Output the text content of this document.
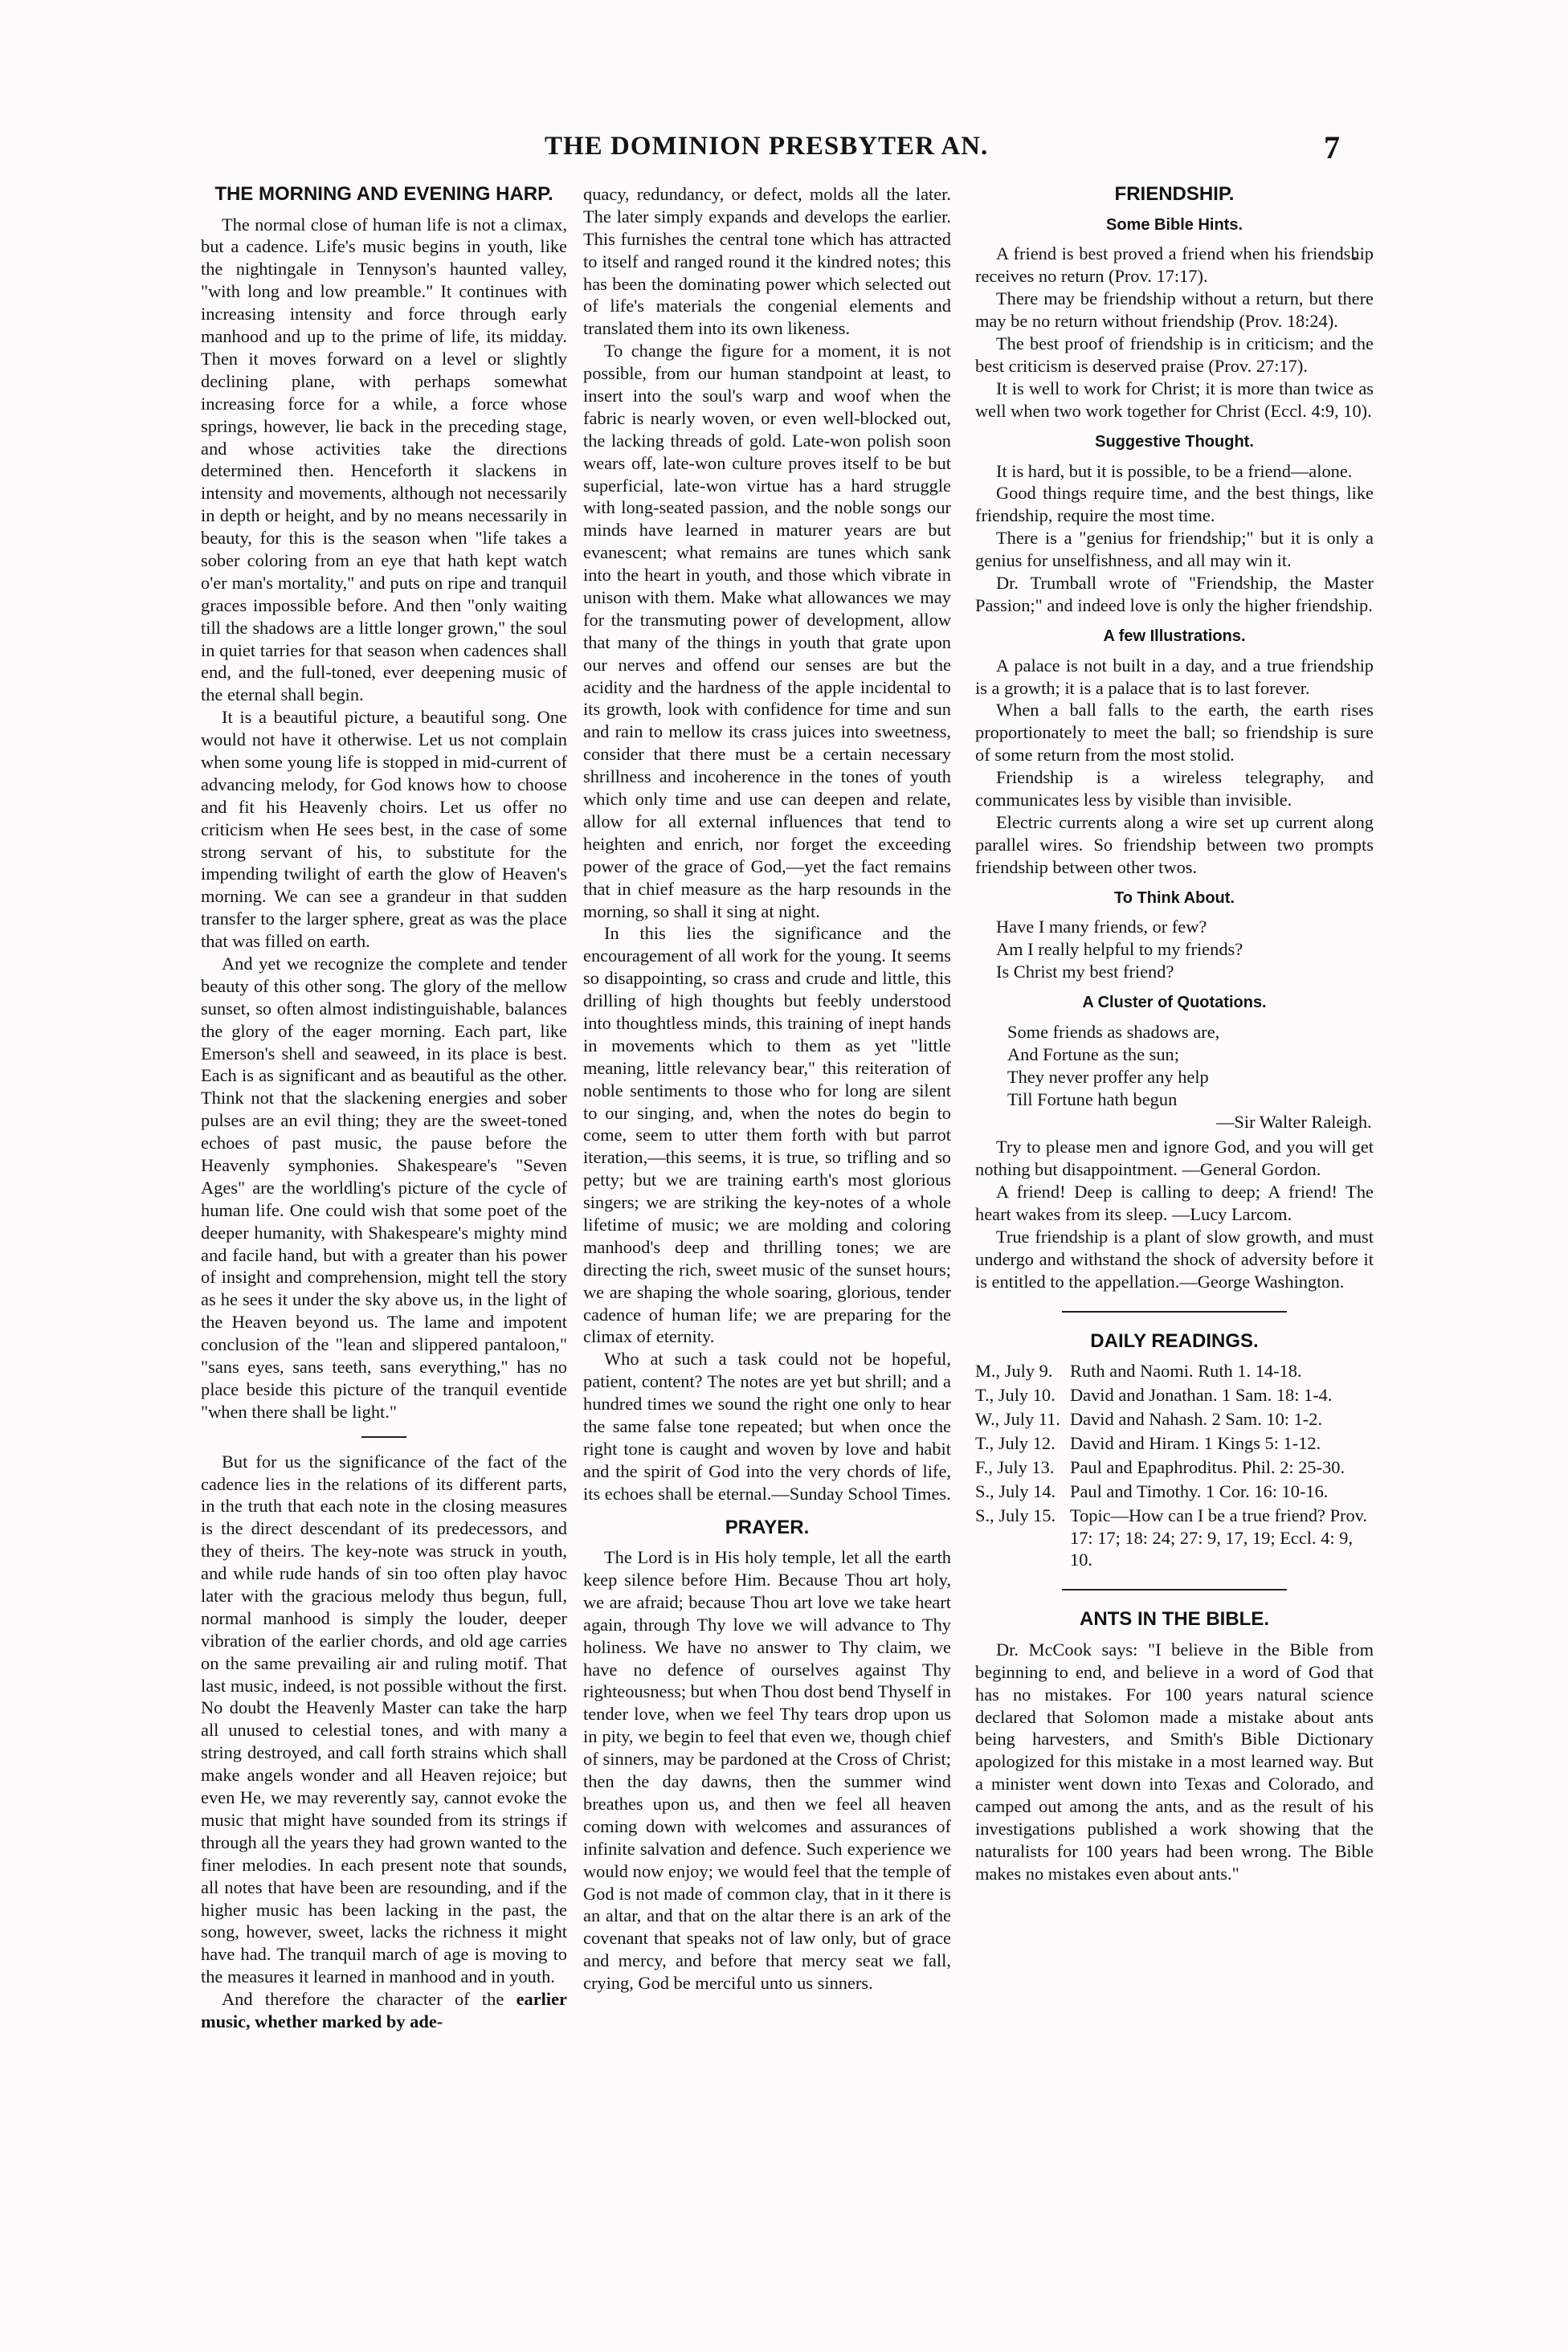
THE DOMINION PRESBYTER AN.	7
THE MORNING AND EVENING HARP.

The normal close of human life is not a climax, but a cadence. Life's music begins in youth, like the nightingale in Tennyson's haunted valley, "with long and low preamble." It continues with increasing intensity and force through early manhood and up to the prime of life, its midday. Then it moves forward on a level or slightly declining plane, with perhaps somewhat increasing force for a while, a force whose springs, however, lie back in the preceding stage, and whose activities take the directions determined then. Henceforth it slackens in intensity and movements, although not necessarily in depth or height, and by no means necessarily in beauty, for this is the season when "life takes a sober coloring from an eye that hath kept watch o'er man's mortality," and puts on ripe and tranquil graces impossible before. And then "only waiting till the shadows are a little longer grown," the soul in quiet tarries for that season when cadences shall end, and the full-toned, ever deepening music of the eternal shall begin.

It is a beautiful picture, a beautiful song. One would not have it otherwise. Let us not complain when some young life is stopped in mid-current of advancing melody, for God knows how to choose and fit his Heavenly choirs. Let us offer no criticism when He sees best, in the case of some strong servant of his, to substitute for the impending twilight of earth the glow of Heaven's morning. We can see a grandeur in that sudden transfer to the larger sphere, great as was the place that was filled on earth.

And yet we recognize the complete and tender beauty of this other song. The glory of the mellow sunset, so often almost indistinguishable, balances the glory of the eager morning. Each part, like Emerson's shell and seaweed, in its place is best. Each is as significant and as beautiful as the other. Think not that the slackening energies and sober pulses are an evil thing; they are the sweet-toned echoes of past music, the pause before the Heavenly symphonies. Shakespeare's "Seven Ages" are the worldling's picture of the cycle of human life. One could wish that some poet of the deeper humanity, with Shakespeare's mighty mind and facile hand, but with a greater than his power of insight and comprehension, might tell the story as he sees it under the sky above us, in the light of the Heaven beyond us. The lame and impotent conclusion of the "lean and slippered pantaloon," "sans eyes, sans teeth, sans everything," has no place beside this picture of the tranquil eventide "when there shall be light."

But for us the significance of the fact of the cadence lies in the relations of its different parts, in the truth that each note in the closing measures is the direct descendant of its predecessors, and they of theirs. The key-note was struck in youth, and while rude hands of sin too often play havoc later with the gracious melody thus begun, full, normal manhood is simply the louder, deeper vibration of the earlier chords, and old age carries on the same prevailing air and ruling motif. That last music, indeed, is not possible without the first. No doubt the Heavenly Master can take the harp all unused to celestial tones, and with many a string destroyed, and call forth strains which shall make angels wonder and all Heaven rejoice; but even He, we may reverently say, cannot evoke the music that might have sounded from its strings if through all the years they had grown wanted to the finer melodies. In each present note that sounds, all notes that have been are resounding, and if the higher music has been lacking in the past, the song, however, sweet, lacks the richness it might have had. The tranquil march of age is moving to the measures it learned in manhood and in youth.

And therefore the character of the earlier music, whether marked by ade-

quacy, redundancy, or defect, molds all the later. The later simply expands and develops the earlier. This furnishes the central tone which has attracted to itself and ranged round it the kindred notes; this has been the dominating power which selected out of life's materials the congenial elements and translated them into its own likeness.

To change the figure for a moment, it is not possible, from our human standpoint at least, to insert into the soul's warp and woof when the fabric is nearly woven, or even well-blocked out, the lacking threads of gold. Late-won polish soon wears off, late-won culture proves itself to be but superficial, late-won virtue has a hard struggle with long-seated passion, and the noble songs our minds have learned in maturer years are but evanescent; what remains are tunes which sank into the heart in youth, and those which vibrate in unison with them. Make what allowances we may for the transmuting power of development, allow that many of the things in youth that grate upon our nerves and offend our senses are but the acidity and the hardness of the apple incidental to its growth, look with confidence for time and sun and rain to mellow its crass juices into sweetness, consider that there must be a certain necessary shrillness and incoherence in the tones of youth which only time and use can deepen and relate, allow for all external influences that tend to heighten and enrich, nor forget the exceeding power of the grace of God,—yet the fact remains that in chief measure as the harp resounds in the morning, so shall it sing at night.

In this lies the significance and the encouragement of all work for the young. It seems so disappointing, so crass and crude and little, this drilling of high thoughts but feebly understood into thoughtless minds, this training of inept hands in movements which to them as yet "little meaning, little relevancy bear," this reiteration of noble sentiments to those who for long are silent to our singing, and, when the notes do begin to come, seem to utter them forth with but parrot iteration,—this seems, it is true, so trifling and so petty; but we are training earth's most glorious singers; we are striking the key-notes of a whole lifetime of music; we are molding and coloring manhood's deep and thrilling tones; we are directing the rich, sweet music of the sunset hours; we are shaping the whole soaring, glorious, tender cadence of human life; we are preparing for the climax of eternity.

Who at such a task could not be hopeful, patient, content? The notes are yet but shrill; and a hundred times we sound the right one only to hear the same false tone repeated; but when once the right tone is caught and woven by love and habit and the spirit of God into the very chords of life, its echoes shall be eternal.—Sunday School Times.

PRAYER.

The Lord is in His holy temple, let all the earth keep silence before Him. Because Thou art holy, we are afraid; because Thou art love we take heart again, through Thy love we will advance to Thy holiness. We have no answer to Thy claim, we have no defence of ourselves against Thy righteousness; but when Thou dost bend Thyself in tender love, when we feel Thy tears drop upon us in pity, we begin to feel that even we, though chief of sinners, may be pardoned at the Cross of Christ; then the day dawns, then the summer wind breathes upon us, and then we feel all heaven coming down with welcomes and assurances of infinite salvation and defence. Such experience we would now enjoy; we would feel that the temple of God is not made of common clay, that in it there is an altar, and that on the altar there is an ark of the covenant that speaks not of law only, but of grace and mercy, and before that mercy seat we fall, crying, God be merciful unto us sinners.

FRIENDSHIP.
Some Bible Hints.

A friend is best proved a friend when his friendship receives no return (Prov. 17:17).

There may be friendship without a return, but there may be no return without friendship (Prov. 18:24).

The best proof of friendship is in criticism; and the best criticism is deserved praise (Prov. 27:17).

It is well to work for Christ; it is more than twice as well when two work together for Christ (Eccl. 4:9, 10).

Suggestive Thought.

It is hard, but it is possible, to be a friend—alone.

Good things require time, and the best things, like friendship, require the most time.

There is a "genius for friendship;" but it is only a genius for unselfishness, and all may win it.

Dr. Trumball wrote of "Friendship, the Master Passion;" and indeed love is only the higher friendship.

A few Illustrations.

A palace is not built in a day, and a true friendship is a growth; it is a palace that is to last forever.

When a ball falls to the earth, the earth rises proportionately to meet the ball; so friendship is sure of some return from the most stolid.

Friendship is a wireless telegraphy, and communicates less by visible than invisible.

Electric currents along a wire set up current along parallel wires. So friendship between two prompts friendship between other twos.

To Think About.

Have I many friends, or few?

Am I really helpful to my friends?

Is Christ my best friend?

A Cluster of Quotations.
Some friends as shadows are,
And Fortune as the sun;
They never proffer any help
Till Fortune hath begun
—Sir Walter Raleigh.

Try to please men and ignore God, and you will get nothing but disappointment. —General Gordon.

A friend! Deep is calling to deep; A friend! The heart wakes from its sleep. —Lucy Larcom.

True friendship is a plant of slow growth, and must undergo and withstand the shock of adversity before it is entitled to the appellation.—George Washington.

DAILY READINGS.
M., July 9. Ruth and Naomi. Ruth 1. 14-18.
T., July 10. David and Jonathan. 1 Sam. 18: 1-4.
W., July 11. David and Nahash. 2 Sam. 10: 1-2.
T., July 12. David and Hiram. 1 Kings 5: 1-12.
F., July 13. Paul and Epaphroditus. Phil. 2: 25-30.
S., July 14. Paul and Timothy. 1 Cor. 16: 10-16.
S., July 15. Topic—How can I be a true friend? Prov. 17: 17; 18: 24; 27: 9, 17, 19; Eccl. 4: 9, 10.
ANTS IN THE BIBLE.

Dr. McCook says: "I believe in the Bible from beginning to end, and believe in a word of God that has no mistakes. For 100 years natural science declared that Solomon made a mistake about ants being harvesters, and Smith's Bible Dictionary apologized for this mistake in a most learned way. But a minister went down into Texas and Colorado, and camped out among the ants, and as the result of his investigations published a work showing that the naturalists for 100 years had been wrong. The Bible makes no mistakes even about ants."
